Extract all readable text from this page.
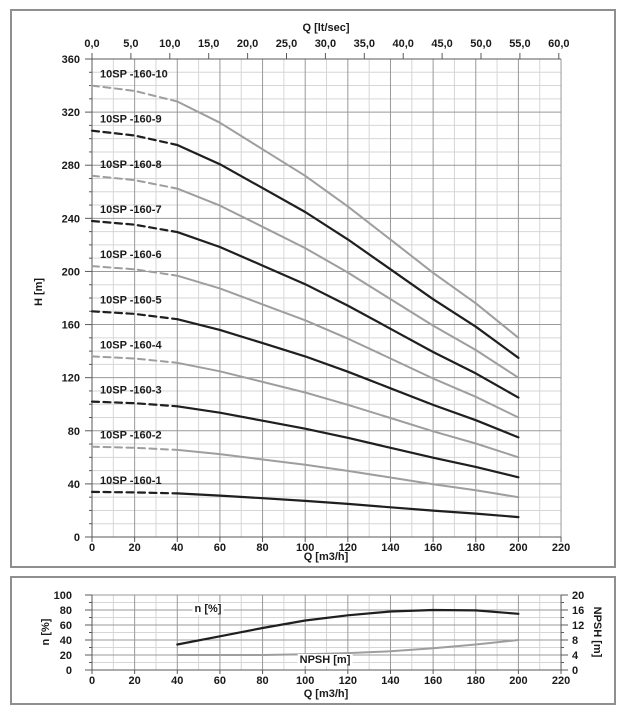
0,0 5,0 10,0 15,0 20,0 25,0 30,0 35,0 40,0 45,0 50,0 55,0 60,0
0
40
80
120
160
200
240
280
320
360
0	20	40	60	80 100 120 140 160 180 200 220
10SP -160-10
10SP -160-9
10SP -160-8
10SP -160-7
10SP -160-6
10SP -160-5
10SP -160-4
10SP -160-3
10SP -160-2
10SP -160-1
Q [lt/sec]
H [m]
Q [m3/h]
0
20
40
60
80
100
0
4
8
12
16
20
0	20	40	60	80 100 120 140 160 180 200 220
n [%]	NPSH [m]
Q [m3/h]
n [%]
NPSH [m]
